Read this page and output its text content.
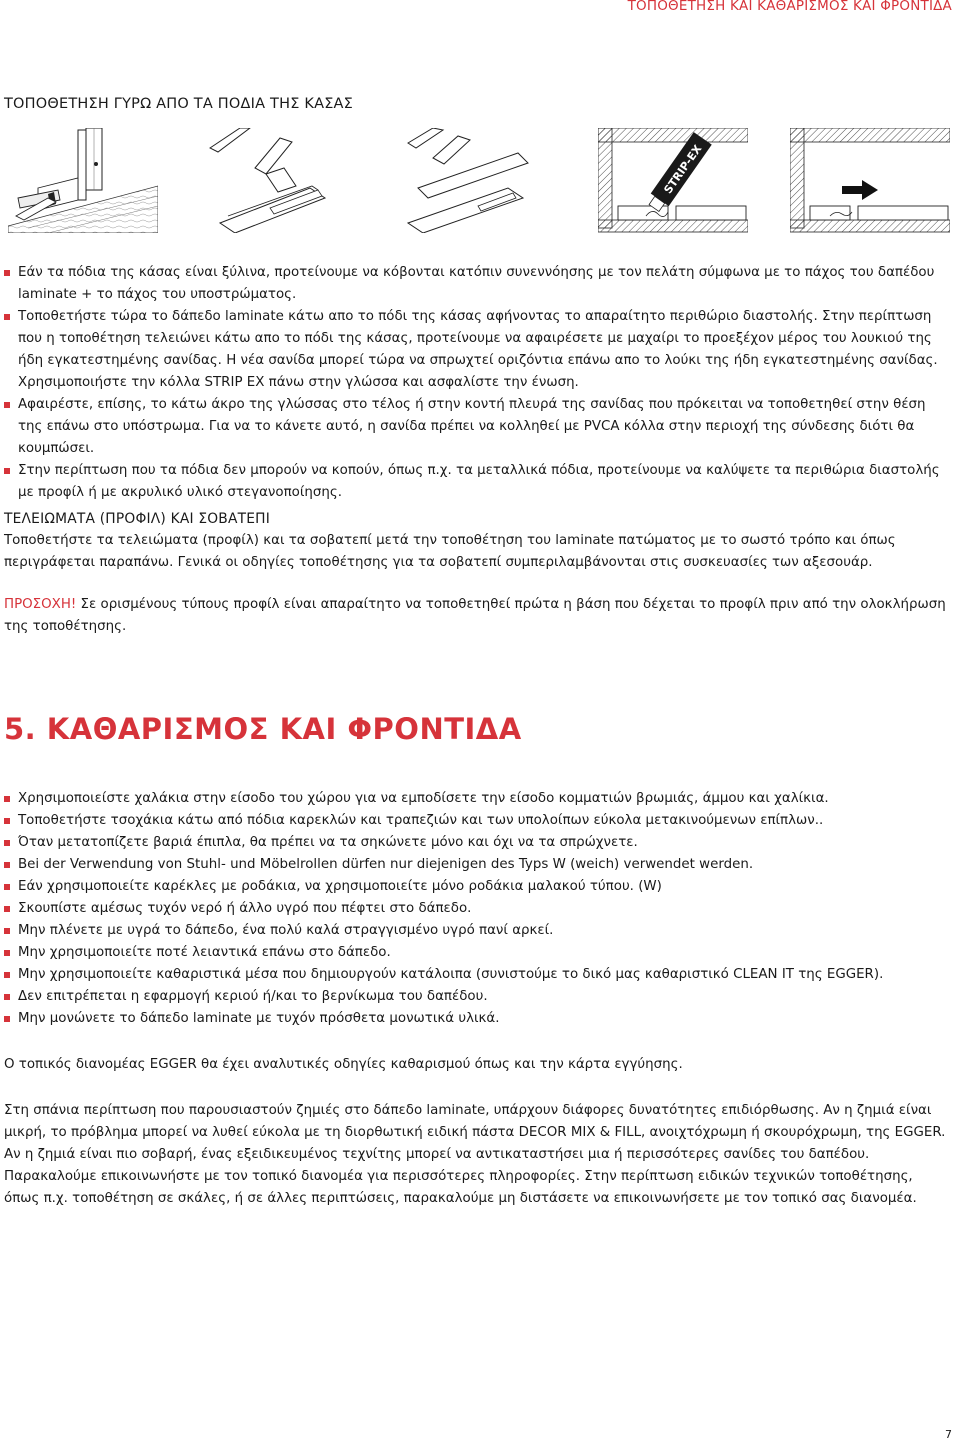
ΤΟΠΟΘΕΤΗΣΗ ΚΑΙ ΚΑΘΑΡΙΣΜΟΣ ΚΑΙ ΦΡΟΝΤΙΔΑ
ΤΟΠΟΘΕΤΗΣΗ ΓΥΡΩ ΑΠΟ ΤΑ ΠΟΔΙΑ ΤΗΣ ΚΑΣΑΣ
STRIP-EX
Εάν τα πόδια της κάσας είναι ξύλινα, προτείνουμε να κόβονται κατόπιν συνεννόησης με τον πελάτη σύμφωνα με το πάχος του δαπέδου laminate + το πάχος του υποστρώματος.
Τοποθετήστε τώρα το δάπεδο laminate κάτω απο το πόδι της κάσας αφήνοντας το απαραίτητο περιθώριο διαστολής. Στην περίπτωση που η τοποθέτηση τελειώνει κάτω απο το πόδι της κάσας, προτείνουμε να αφαιρέσετε με μαχαίρι το προεξέχον μέρος του λουκιού της ήδη εγκατεστημένης σανίδας. Η νέα σανίδα μπορεί τώρα να σπρωχτεί οριζόντια επάνω απο το λούκι της ήδη εγκατεστημένης σανίδας. Χρησιμοποιήστε την κόλλα STRIP EX πάνω στην γλώσσα και ασφαλίστε την ένωση.
Αφαιρέστε, επίσης, το κάτω άκρο της γλώσσας στο τέλος ή στην κοντή πλευρά της σανίδας που πρόκειται να τοποθετηθεί στην θέση της επάνω στο υπόστρωμα. Για να το κάνετε αυτό, η σανίδα πρέπει να κολληθεί με PVCA κόλλα στην περιοχή της σύνδεσης διότι θα κουμπώσει.
Στην περίπτωση που τα πόδια δεν μπορούν να κοπούν, όπως π.χ. τα μεταλλικά πόδια, προτείνουμε να καλύψετε τα περιθώρια διαστολής με προφίλ ή με ακρυλικό υλικό στεγανοποίησης.
ΤΕΛΕΙΩΜΑΤΑ (ΠΡΟΦΙΛ) ΚΑΙ ΣΟΒΑΤΕΠΙ
Τοποθετήστε τα τελειώματα (προφίλ) και τα σοβατεπί μετά την τοποθέτηση του laminate πατώματος με το σωστό τρόπο και όπως περιγράφεται παραπάνω. Γενικά οι οδηγίες τοποθέτησης για τα σοβατεπί συμπεριλαμβάνονται στις συσκευασίες των αξεσουάρ.
ΠΡΟΣΟΧΗ! Σε ορισμένους τύπους προφίλ είναι απαραίτητο να τοποθετηθεί πρώτα η βάση που δέχεται το προφίλ πριν από την ολοκλήρωση της τοποθέτησης.
5. ΚΑΘΑΡΙΣΜΟΣ ΚΑΙ ΦΡΟΝΤΙΔΑ
Χρησιμοποιείστε χαλάκια στην είσοδο του χώρου για να εμποδίσετε την είσοδο κομματιών βρωμιάς, άμμου και χαλίκια.
Τοποθετήστε τσοχάκια κάτω από πόδια καρεκλών και τραπεζιών και των υπολοίπων εύκολα μετακινούμενων επίπλων..
Όταν μετατοπίζετε βαριά έπιπλα, θα πρέπει να τα σηκώνετε μόνο και όχι να τα σπρώχνετε.
Bei der Verwendung von Stuhl- und Möbelrollen dürfen nur diejenigen des Typs W (weich) verwendet werden.
Εάν χρησιμοποιείτε καρέκλες με ροδάκια, να χρησιμοποιείτε μόνο ροδάκια μαλακού τύπου. (W)
Σκουπίστε αμέσως τυχόν νερό ή άλλο υγρό που πέφτει στο δάπεδο.
Μην πλένετε με υγρά το δάπεδο, ένα πολύ καλά στραγγισμένο υγρό πανί αρκεί.
Μην χρησιμοποιείτε ποτέ λειαντικά επάνω στο δάπεδο.
Μην χρησιμοποιείτε καθαριστικά μέσα που δημιουργούν κατάλοιπα (συνιστούμε το δικό μας καθαριστικό CLEAN IT της EGGER).
Δεν επιτρέπεται η εφαρμογή κεριού ή/και το βερνίκωμα του δαπέδου.
Μην μονώνετε το δάπεδο laminate με τυχόν πρόσθετα μονωτικά υλικά.
Ο τοπικός διανομέας EGGER θα έχει αναλυτικές οδηγίες καθαρισμού όπως και την κάρτα εγγύησης.
Στη σπάνια περίπτωση που παρουσιαστούν ζημιές στο δάπεδο laminate, υπάρχουν διάφορες δυνατότητες επιδιόρθωσης. Αν η ζημιά είναι μικρή, το πρόβλημα μπορεί να λυθεί εύκολα με τη διορθωτική ειδική πάστα DECOR MIX & FILL, ανοιχτόχρωμη ή σκουρόχρωμη, της EGGER. Αν η ζημιά είναι πιο σοβαρή, ένας εξειδικευμένος τεχνίτης μπορεί να αντικαταστήσει μια ή περισσότερες σανίδες του δαπέδου. Παρακαλούμε επικοινωνήστε με τον τοπικό διανομέα για περισσότερες πληροφορίες. Στην περίπτωση ειδικών τεχνικών τοποθέτησης, όπως π.χ. τοποθέτηση σε σκάλες, ή σε άλλες περιπτώσεις, παρακαλούμε μη διστάσετε να επικοινωνήσετε με τον τοπικό σας διανομέα.
7
